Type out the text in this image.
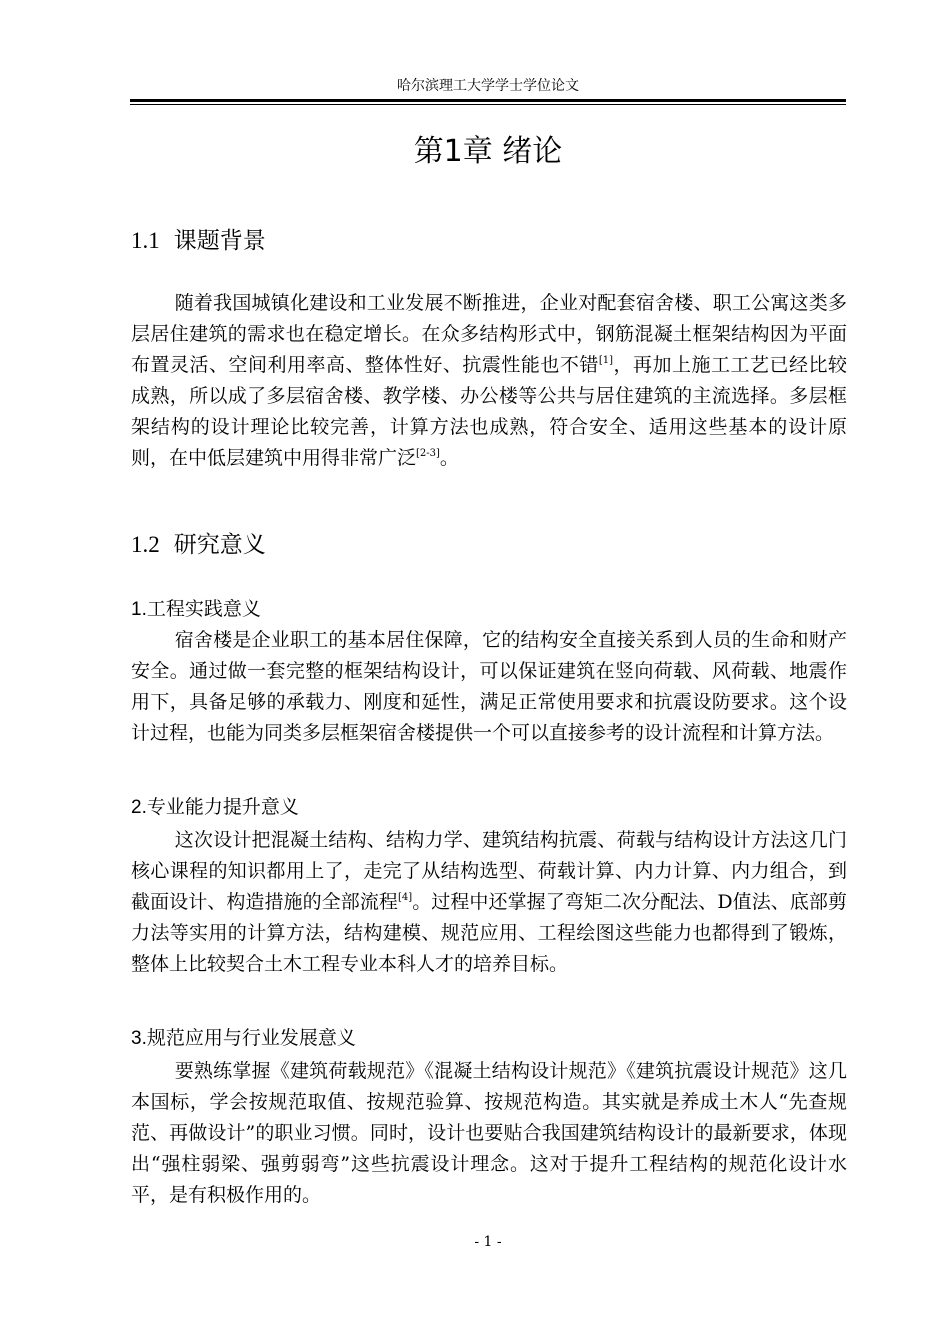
哈尔滨理工大学学士学位论文
第1章 绪论
1.1 课题背景
随着我国城镇化建设和工业发展不断推进，企业对配套宿舍楼、职工公寓这类多层居住建筑的需求也在稳定增长。在众多结构形式中，钢筋混凝土框架结构因为平面布置灵活、空间利用率高、整体性好、抗震性能也不错[1]，再加上施工工艺已经比较成熟，所以成了多层宿舍楼、教学楼、办公楼等公共与居住建筑的主流选择。多层框架结构的设计理论比较完善，计算方法也成熟，符合安全、适用这些基本的设计原则，在中低层建筑中用得非常广泛[2-3]。
1.2 研究意义
1.工程实践意义
宿舍楼是企业职工的基本居住保障，它的结构安全直接关系到人员的生命和财产安全。通过做一套完整的框架结构设计，可以保证建筑在竖向荷载、风荷载、地震作用下，具备足够的承载力、刚度和延性，满足正常使用要求和抗震设防要求。这个设计过程，也能为同类多层框架宿舍楼提供一个可以直接参考的设计流程和计算方法。
2.专业能力提升意义
这次设计把混凝土结构、结构力学、建筑结构抗震、荷载与结构设计方法这几门核心课程的知识都用上了，走完了从结构选型、荷载计算、内力计算、内力组合，到截面设计、构造措施的全部流程[4]。过程中还掌握了弯矩二次分配法、D值法、底部剪力法等实用的计算方法，结构建模、规范应用、工程绘图这些能力也都得到了锻炼，整体上比较契合土木工程专业本科人才的培养目标。
3.规范应用与行业发展意义
要熟练掌握《建筑荷载规范》《混凝土结构设计规范》《建筑抗震设计规范》这几本国标，学会按规范取值、按规范验算、按规范构造。其实就是养成土木人“先查规范、再做设计”的职业习惯。同时，设计也要贴合我国建筑结构设计的最新要求，体现出“强柱弱梁、强剪弱弯”这些抗震设计理念。这对于提升工程结构的规范化设计水平，是有积极作用的。
- 1 -
